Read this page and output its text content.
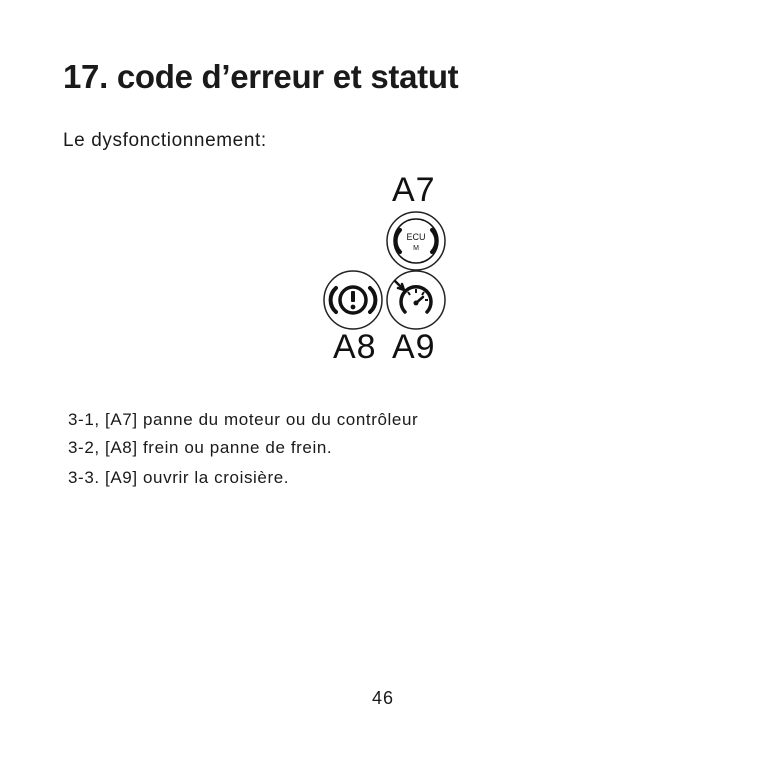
17. code d’erreur et statut
Le dysfonctionnement:
A7
ECU
M
A8 A9
3-1, [A7] panne du moteur ou du contrôleur
3-2, [A8] frein ou panne de frein.
3-3. [A9] ouvrir la croisière.
46
